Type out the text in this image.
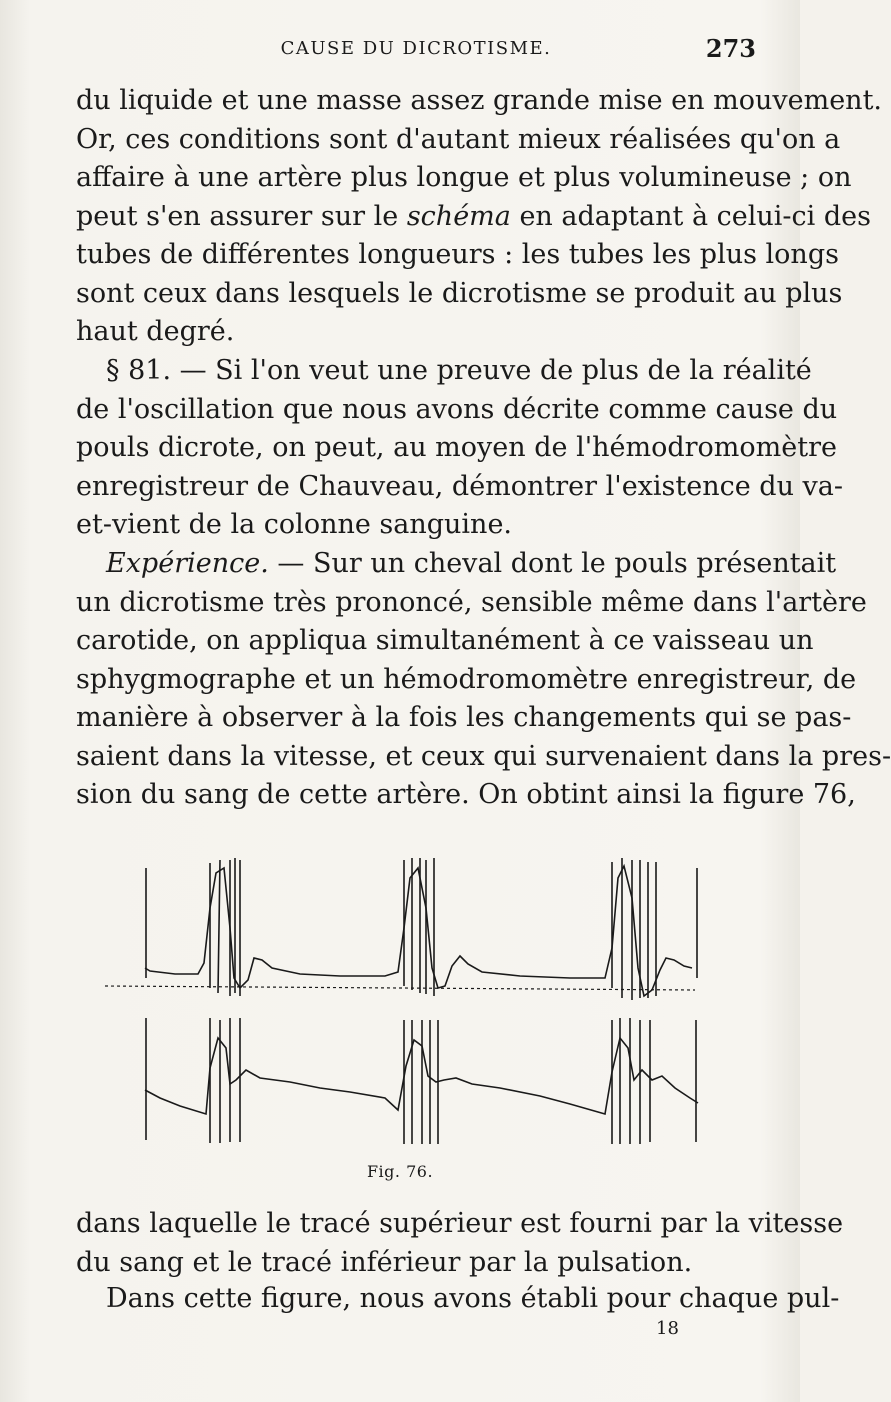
CAUSE DU DICROTISME.	273
du liquide et une masse assez grande mise en mouvement.
Or, ces conditions sont d'autant mieux réalisées qu'on a
affaire à une artère plus longue et plus volumineuse ; on
peut s'en assurer sur le schéma en adaptant à celui-ci des
tubes de différentes longueurs : les tubes les plus longs
sont ceux dans lesquels le dicrotisme se produit au plus
haut degré.
§ 81. — Si l'on veut une preuve de plus de la réalité
de l'oscillation que nous avons décrite comme cause du
pouls dicrote, on peut, au moyen de l'hémodromomètre
enregistreur de Chauveau, démontrer l'existence du va-
et-vient de la colonne sanguine.
Expérience. — Sur un cheval dont le pouls présentait
un dicrotisme très prononcé, sensible même dans l'artère
carotide, on appliqua simultanément à ce vaisseau un
sphygmographe et un hémodromomètre enregistreur, de
manière à observer à la fois les changements qui se pas-
saient dans la vitesse, et ceux qui survenaient dans la pres-
sion du sang de cette artère. On obtint ainsi la figure 76,
Fig. 76.
dans laquelle le tracé supérieur est fourni par la vitesse
du sang et le tracé inférieur par la pulsation.
Dans cette figure, nous avons établi pour chaque pul-
18
